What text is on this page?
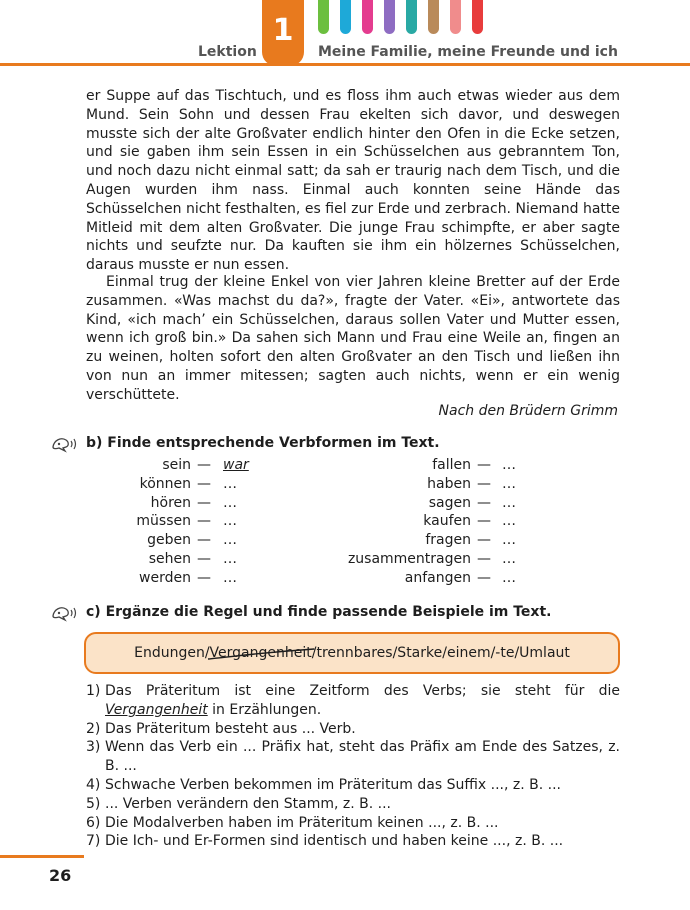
1
Lektion	Meine Familie, meine Freunde und ich
er Suppe auf das Tischtuch, und es floss ihm auch etwas wieder aus dem Mund. Sein Sohn und dessen Frau ekelten sich davor, und deswegen musste sich der alte Großvater endlich hinter den Ofen in die Ecke setzen, und sie gaben ihm sein Essen in ein Schüsselchen aus gebranntem Ton, und noch dazu nicht einmal satt; da sah er traurig nach dem Tisch, und die Augen wurden ihm nass. Einmal auch konnten seine Hände das Schüsselchen nicht festhalten, es fiel zur Erde und zerbrach. Niemand hatte Mitleid mit dem alten Großvater. Die junge Frau schimpfte, er aber sagte nichts und seufzte nur. Da kauften sie ihm ein hölzernes Schüsselchen, daraus musste er nun essen.
Einmal trug der kleine Enkel von vier Jahren kleine Bretter auf der Erde zusammen. «Was machst du da?», fragte der Vater. «Ei», antwortete das Kind, «ich mach’ ein Schüsselchen, daraus sollen Vater und Mutter essen, wenn ich groß bin.» Da sahen sich Mann und Frau eine Weile an, fingen an zu weinen, holten sofort den alten Großvater an den Tisch und ließen ihn von nun an immer mitessen; sagten auch nichts, wenn er ein wenig verschüttete.
Nach den Brüdern Grimm
b) Finde entsprechende Verbformen im Text.
sein — war
können — …
hören — …
müssen — …
geben — …
sehen — …
werden — …
fallen — …
haben — …
sagen — …
kaufen — …
fragen — …
zusammentragen — …
anfangen — …
c) Ergänze die Regel und finde passende Beispiele im Text.
Endungen/Vergangenheit
/trennbares/Starke/einem/-te/Umlaut
1) Das Präteritum ist eine Zeitform des Verbs; sie steht für die Vergangenheit in Erzählungen.
2) Das Präteritum besteht aus ... Verb.
3) Wenn das Verb ein ... Präfix hat, steht das Präfix am Ende des Satzes, z. B. ...
4) Schwache Verben bekommen im Präteritum das Suffix ..., z. B. ...
5) ... Verben verändern den Stamm, z. B. ...
6) Die Modalverben haben im Präteritum keinen ..., z. B. ...
7) Die Ich- und Er-Formen sind identisch und haben keine ..., z. B. ...
26
